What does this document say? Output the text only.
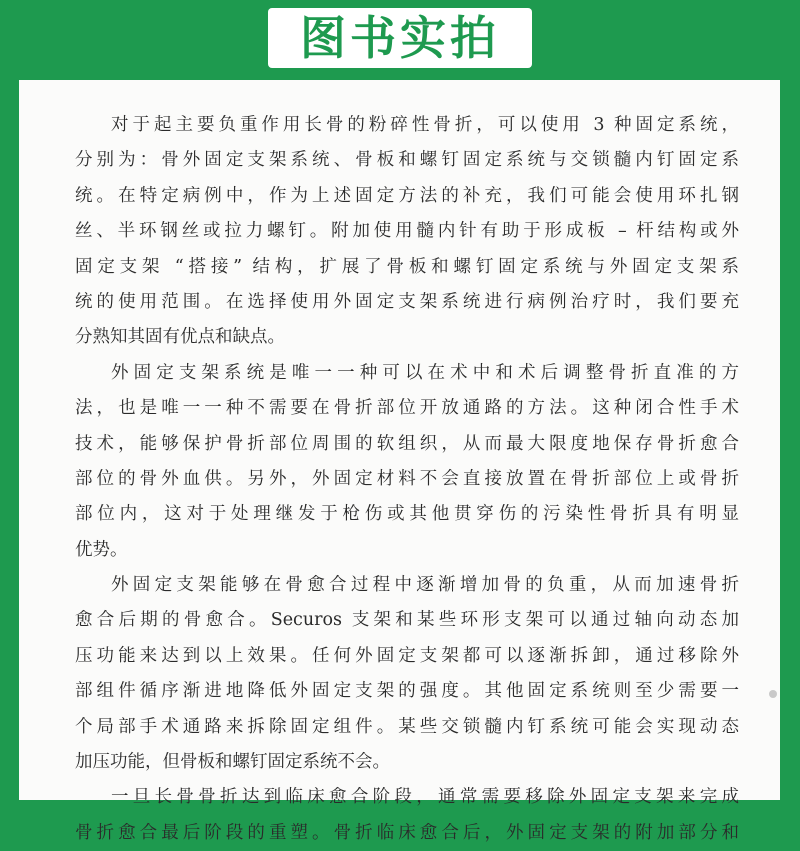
对于起主要负重作用长骨的粉碎性骨折，可以使用 3 种固定系统，
分别为：骨外固定支架系统、骨板和螺钉固定系统与交锁髓内钉固定系
统。在特定病例中，作为上述固定方法的补充，我们可能会使用环扎钢
丝、半环钢丝或拉力螺钉。附加使用髓内针有助于形成板 – 杆结构或外
固定支架 “搭接” 结构，扩展了骨板和螺钉固定系统与外固定支架系
统的使用范围。在选择使用外固定支架系统进行病例治疗时，我们要充
分熟知其固有优点和缺点。
外固定支架系统是唯一一种可以在术中和术后调整骨折直准的方
法，也是唯一一种不需要在骨折部位开放通路的方法。这种闭合性手术
技术，能够保护骨折部位周围的软组织，从而最大限度地保存骨折愈合
部位的骨外血供。另外，外固定材料不会直接放置在骨折部位上或骨折
部位内，这对于处理继发于枪伤或其他贯穿伤的污染性骨折具有明显
优势。
外固定支架能够在骨愈合过程中逐渐增加骨的负重，从而加速骨折
愈合后期的骨愈合。Securos 支架和某些环形支架可以通过轴向动态加
压功能来达到以上效果。任何外固定支架都可以逐渐拆卸，通过移除外
部组件循序渐进地降低外固定支架的强度。其他固定系统则至少需要一
个局部手术通路来拆除固定组件。某些交锁髓内钉系统可能会实现动态
加压功能，但骨板和螺钉固定系统不会。
一旦长骨骨折达到临床愈合阶段，通常需要移除外固定支架来完成
骨折愈合最后阶段的重塑。骨折临床愈合后，外固定支架的附加部分和
图书实拍
